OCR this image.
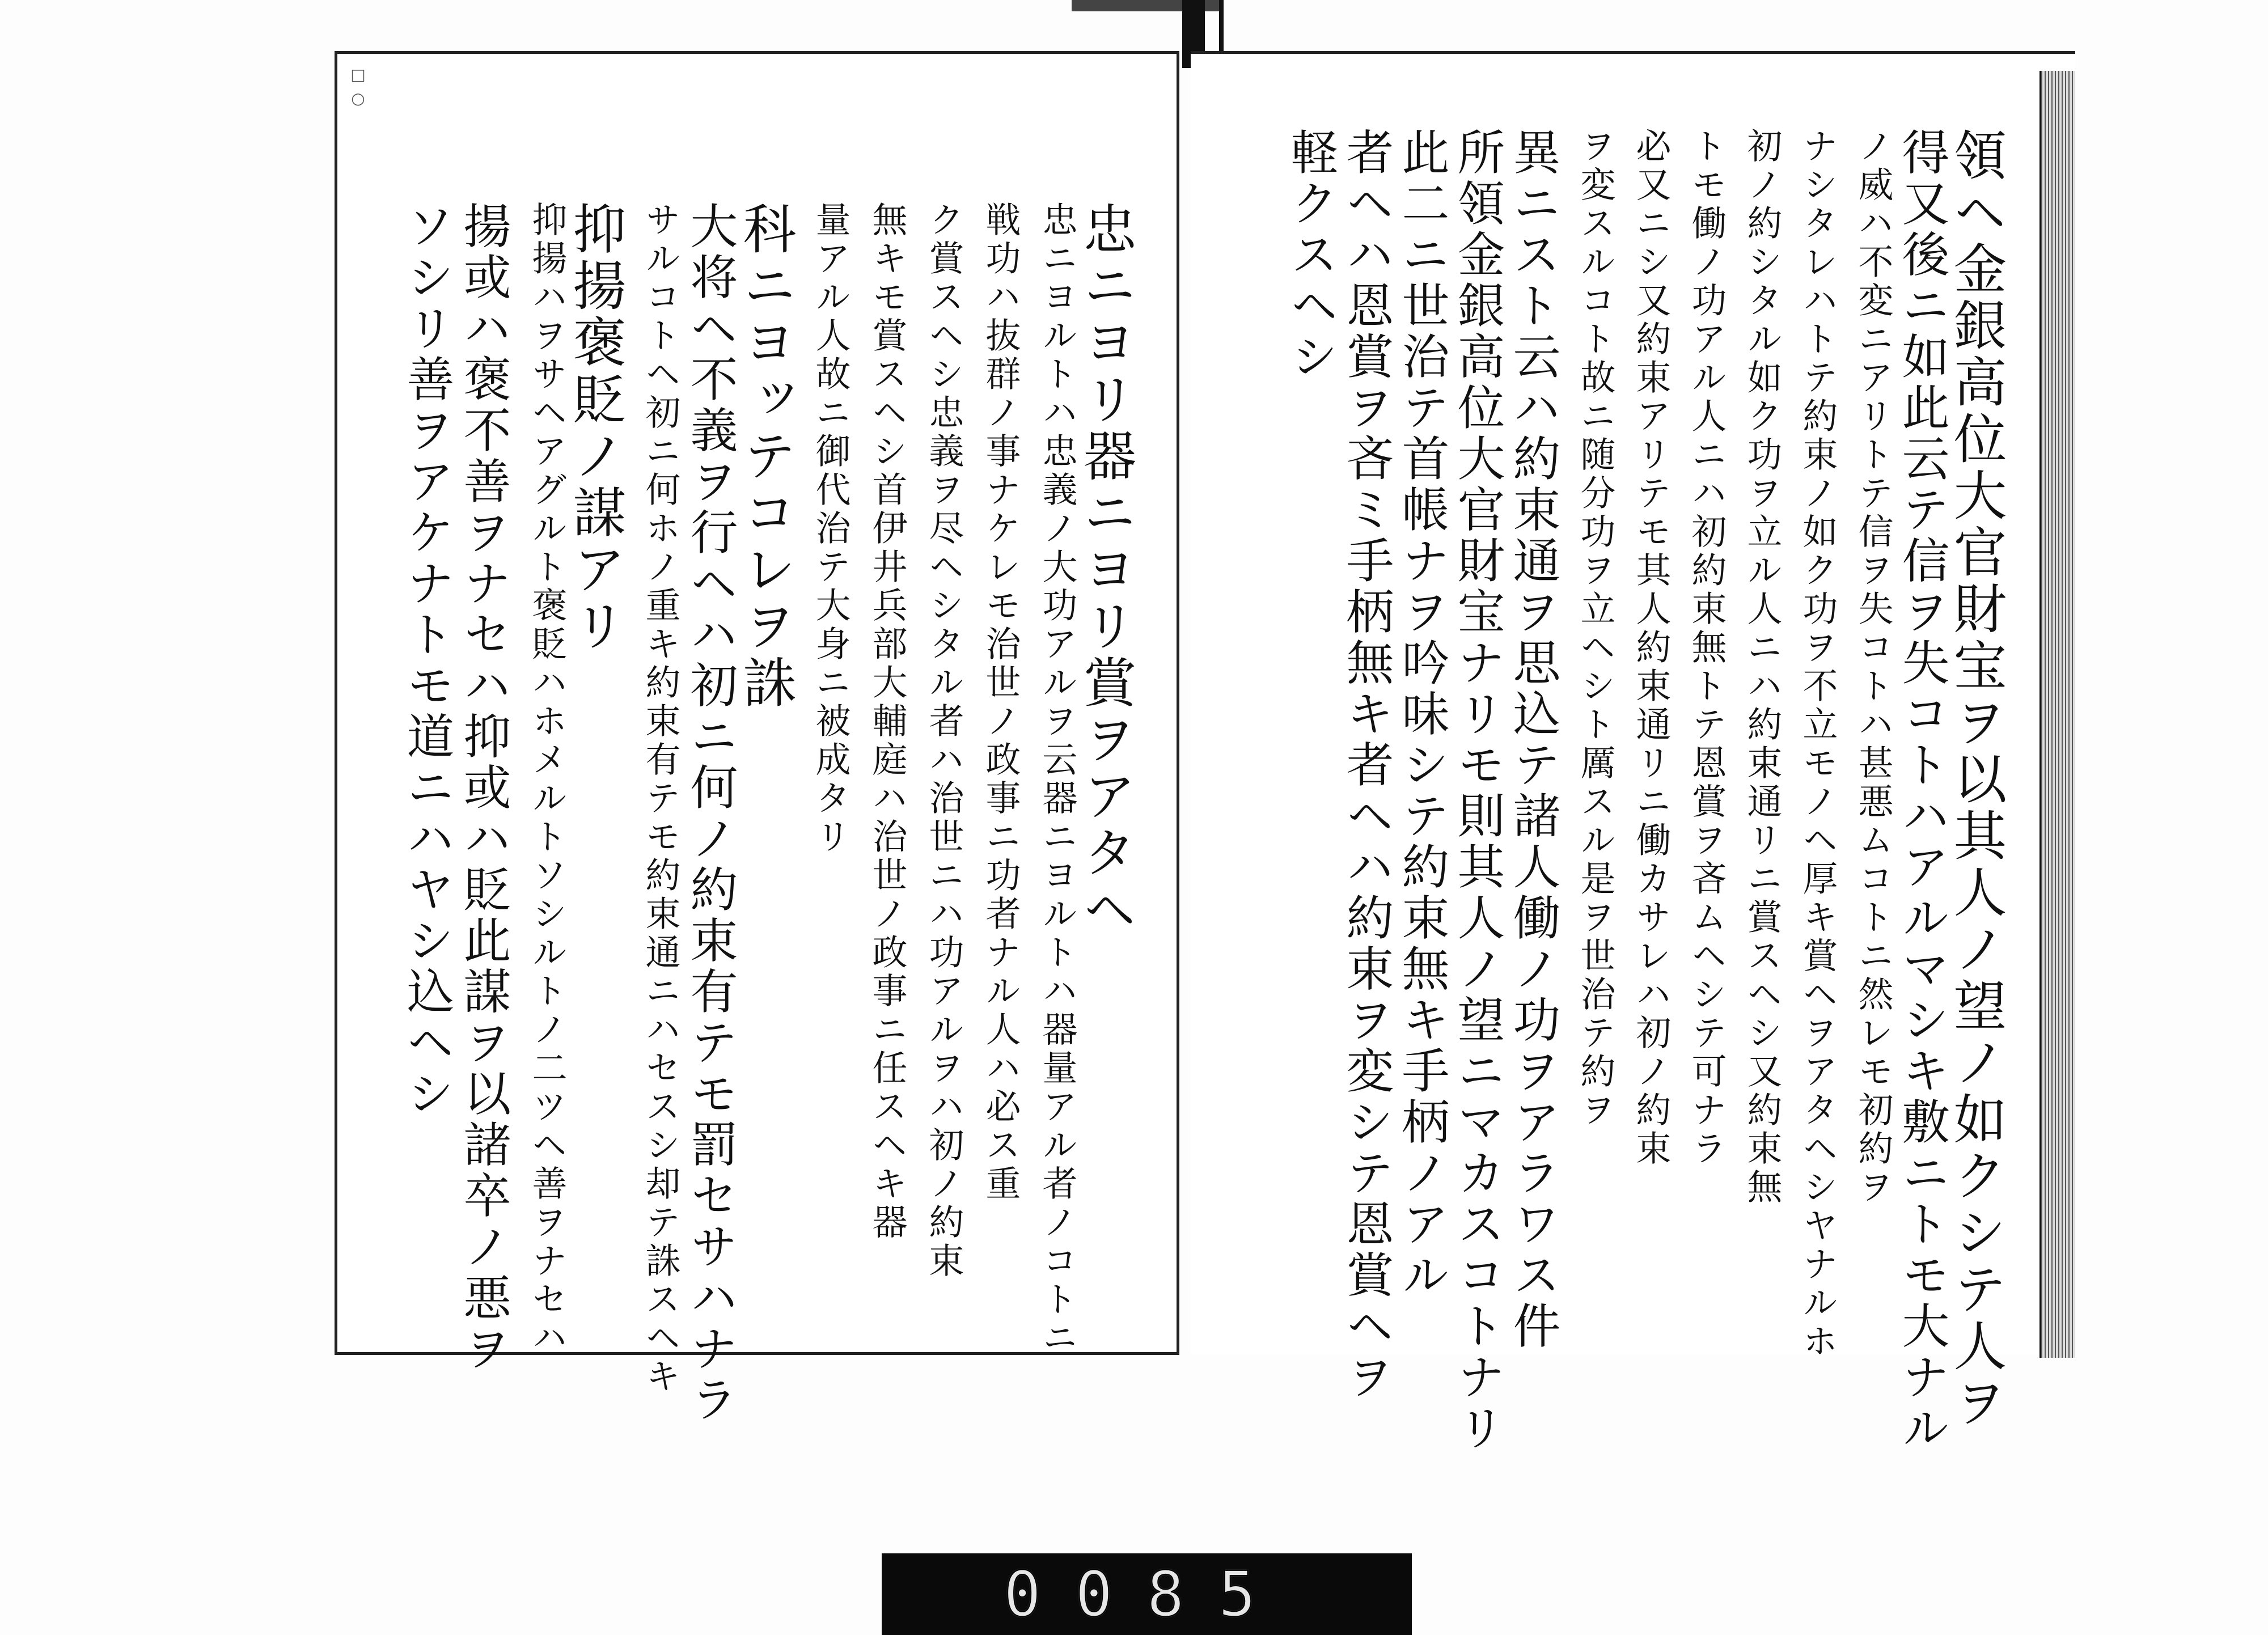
□ ○
忠ニヨリ器ニヨリ賞ヲアタヘ
忠ニヨルトハ忠義ノ大功アルヲ云器ニヨルトハ器量アル者ノコトニ
戦功ハ抜群ノ事ナケレモ治世ノ政事ニ功者ナル人ハ必ス重
ク賞スヘシ忠義ヲ尽ヘシタル者ハ治世ニハ功アルヲハ初ノ約束
無キモ賞スヘシ首伊井兵部大輔庭ハ治世ノ政事ニ任スヘキ器
量アル人故ニ御代治テ大身ニ被成タリ
科ニヨッテコレヲ誅
大将ヘ不義ヲ行ヘハ初ニ何ノ約束有テモ罰セサハナラ
サルコトヘ初ニ何ホノ重キ約束有テモ約束通ニハセスシ却テ誅スヘキ
抑揚褒貶ノ謀アリ
抑揚ハヲサヘアグルト褒貶ハホメルトソシルトノ二ツヘ善ヲナセハ
揚或ハ褒不善ヲナセハ抑或ハ貶此謀ヲ以諸卒ノ悪ヲ
ソシリ善ヲアケナトモ道ニハヤシ込ヘシ	領ヘ金銀高位大官財宝ヲ以其人ノ望ノ如クシテ人ヲ
得又後ニ如此云テ信ヲ失コトハアルマシキ敷ニトモ大ナル
ノ威ハ不変ニアリトテ信ヲ失コトハ甚悪ムコトニ然レモ初約ヲ
ナシタレハトテ約束ノ如ク功ヲ不立モノヘ厚キ賞ヘヲアタヘシヤナルホ
初ノ約シタル如ク功ヲ立ル人ニハ約束通リニ賞スヘシ又約束無
トモ働ノ功アル人ニハ初約束無トテ恩賞ヲ吝ムヘシテ可ナラ
必又ニシ又約束アリテモ其人約束通リニ働カサレハ初ノ約束
ヲ変スルコト故ニ随分功ヲ立ヘシト厲スル是ヲ世治テ約ヲ
異ニスト云ハ約束通ヲ思込テ諸人働ノ功ヲアラワス件
所領金銀高位大官財宝ナリモ則其人ノ望ニマカスコトナリ
此二ニ世治テ首帳ナヲ吟味シテ約束無キ手柄ノアル
者ヘハ恩賞ヲ吝ミ手柄無キ者ヘハ約束ヲ変シテ恩賞ヘヲ
軽クスヘシ
0085
